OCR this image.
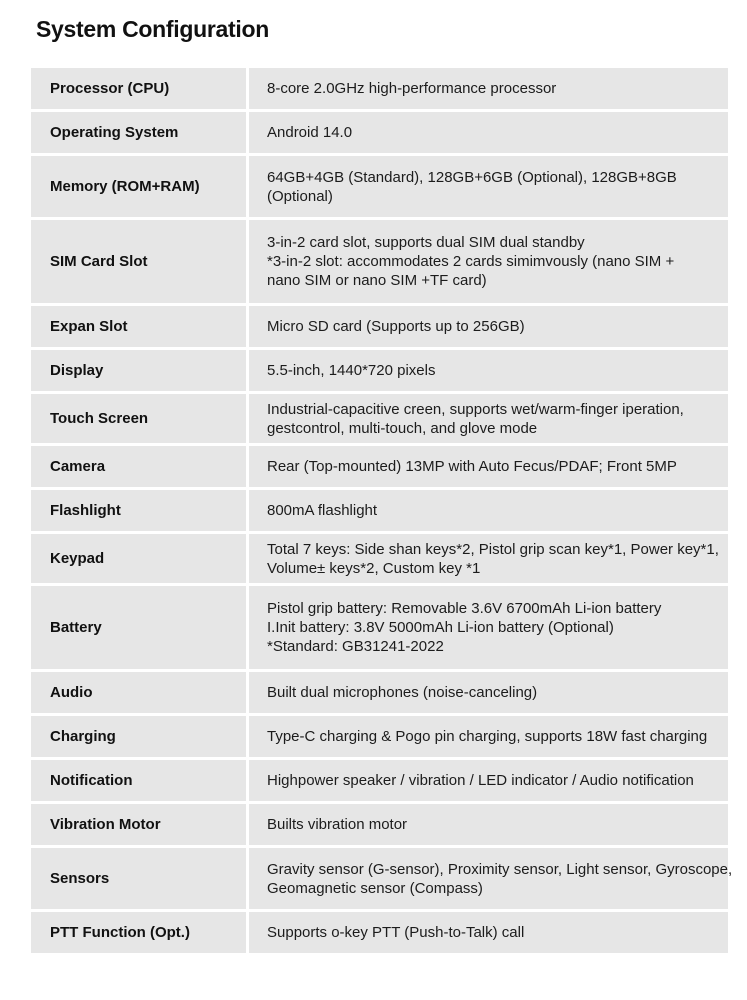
System Configuration
Processor (CPU)	8-core 2.0GHz high-performance processor

Operating System	Android 14.0

Memory (ROM+RAM)	64GB+4GB (Standard), 128GB+6GB (Optional), 128GB+8GB
(Optional)

SIM Card Slot	3-in-2 card slot, supports dual SIM dual standby
*3-in-2 slot: accommodates 2 cards simimvously (nano SIM +
nano SIM or nano SIM +TF card)

Expan Slot	Micro SD card (Supports up to 256GB)

Display	5.5-inch, 1440*720 pixels

Touch Screen	Industrial-capacitive creen, supports wet/warm-finger iperation,
gestcontrol, multi-touch, and glove mode

Camera	Rear (Top-mounted) 13MP with Auto Fecus/PDAF; Front 5MP

Flashlight	800mA flashlight

Keypad	Total 7 keys: Side shan keys*2, Pistol grip scan key*1, Power key*1,
Volume± keys*2, Custom key *1

Battery	Pistol grip battery: Removable 3.6V 6700mAh Li-ion battery
I.Init battery: 3.8V 5000mAh Li-ion battery (Optional)
*Standard: GB31241-2022

Audio	Built dual microphones (noise-canceling)

Charging	Type-C charging & Pogo pin charging, supports 18W fast charging

Notification	Highpower speaker / vibration / LED indicator / Audio notification

Vibration Motor	Builts vibration motor

Sensors	Gravity sensor (G-sensor), Proximity sensor, Light sensor, Gyroscope,
Geomagnetic sensor (Compass)

PTT Function (Opt.)	Supports o-key PTT (Push-to-Talk) call
